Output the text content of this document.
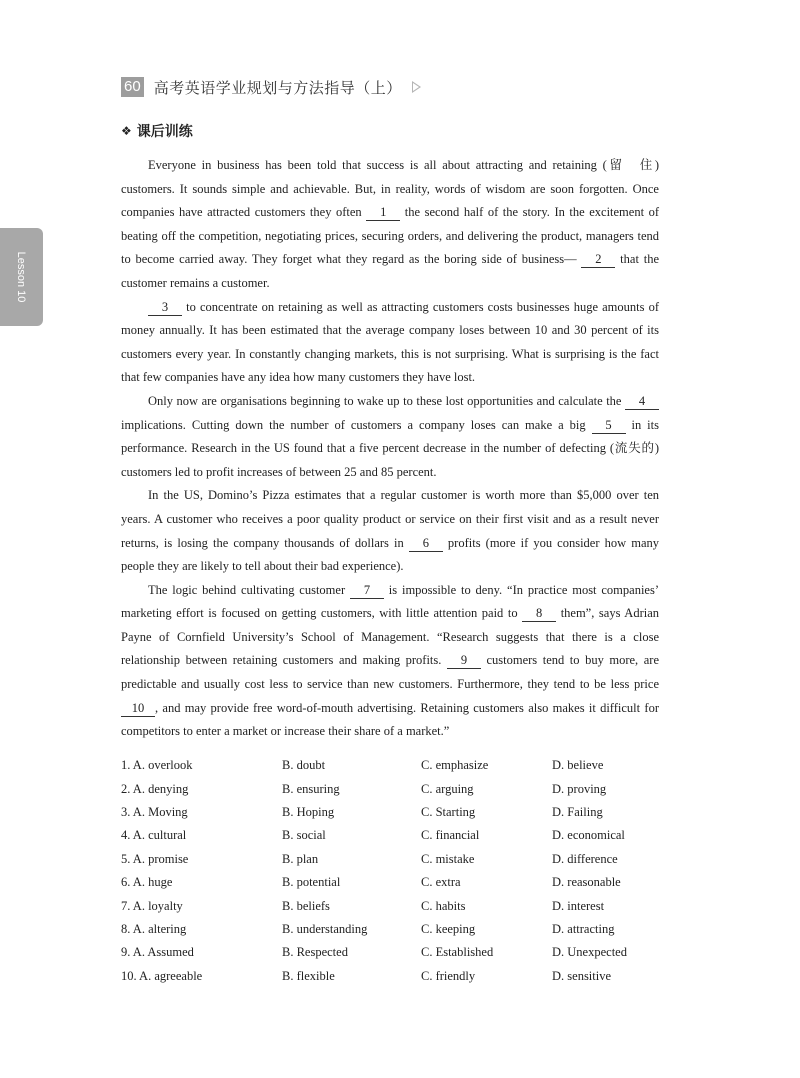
60 高考英语学业规划与方法指导（上）
❖ 课后训练
Lesson 10

Everyone in business has been told that success is all about attracting and retaining (留　住) customers. It sounds simple and achievable. But, in reality, words of wisdom are soon forgotten. Once companies have attracted customers they often 1 the second half of the story. In the excitement of beating off the competition, negotiating prices, securing orders, and delivering the product, managers tend to become carried away. They forget what they regard as the boring side of business— 2 that the customer remains a customer.

3 to concentrate on retaining as well as attracting customers costs businesses huge amounts of money annually. It has been estimated that the average company loses between 10 and 30 percent of its customers every year. In constantly changing markets, this is not surprising. What is surprising is the fact that few companies have any idea how many customers they have lost.

Only now are organisations beginning to wake up to these lost opportunities and calculate the 4 implications. Cutting down the number of customers a company loses can make a big 5 in its performance. Research in the US found that a five percent decrease in the number of defecting (流失的) customers led to profit increases of between 25 and 85 percent.

In the US, Domino’s Pizza estimates that a regular customer is worth more than $5,000 over ten years. A customer who receives a poor quality product or service on their first visit and as a result never returns, is losing the company thousands of dollars in 6 profits (more if you consider how many people they are likely to tell about their bad experience).

The logic behind cultivating customer 7 is impossible to deny. “In practice most companies’ marketing effort is focused on getting customers, with little attention paid to 8 them”, says Adrian Payne of Cornfield University’s School of Management. “Research suggests that there is a close relationship between retaining customers and making profits. 9 customers tend to buy more, are predictable and usually cost less to service than new customers. Furthermore, they tend to be less price 10 , and may provide free word-of-mouth advertising. Retaining customers also makes it difficult for competitors to enter a market or increase their share of a market.”

1. A. overlook	B. doubt	C. emphasize	D. believe
2. A. denying	B. ensuring	C. arguing	D. proving
3. A. Moving	B. Hoping	C. Starting	D. Failing
4. A. cultural	B. social	C. financial	D. economical
5. A. promise	B. plan	C. mistake	D. difference
6. A. huge	B. potential	C. extra	D. reasonable
7. A. loyalty	B. beliefs	C. habits	D. interest
8. A. altering	B. understanding	C. keeping	D. attracting
9. A. Assumed	B. Respected	C. Established	D. Unexpected
10. A. agreeable	B. flexible	C. friendly	D. sensitive
